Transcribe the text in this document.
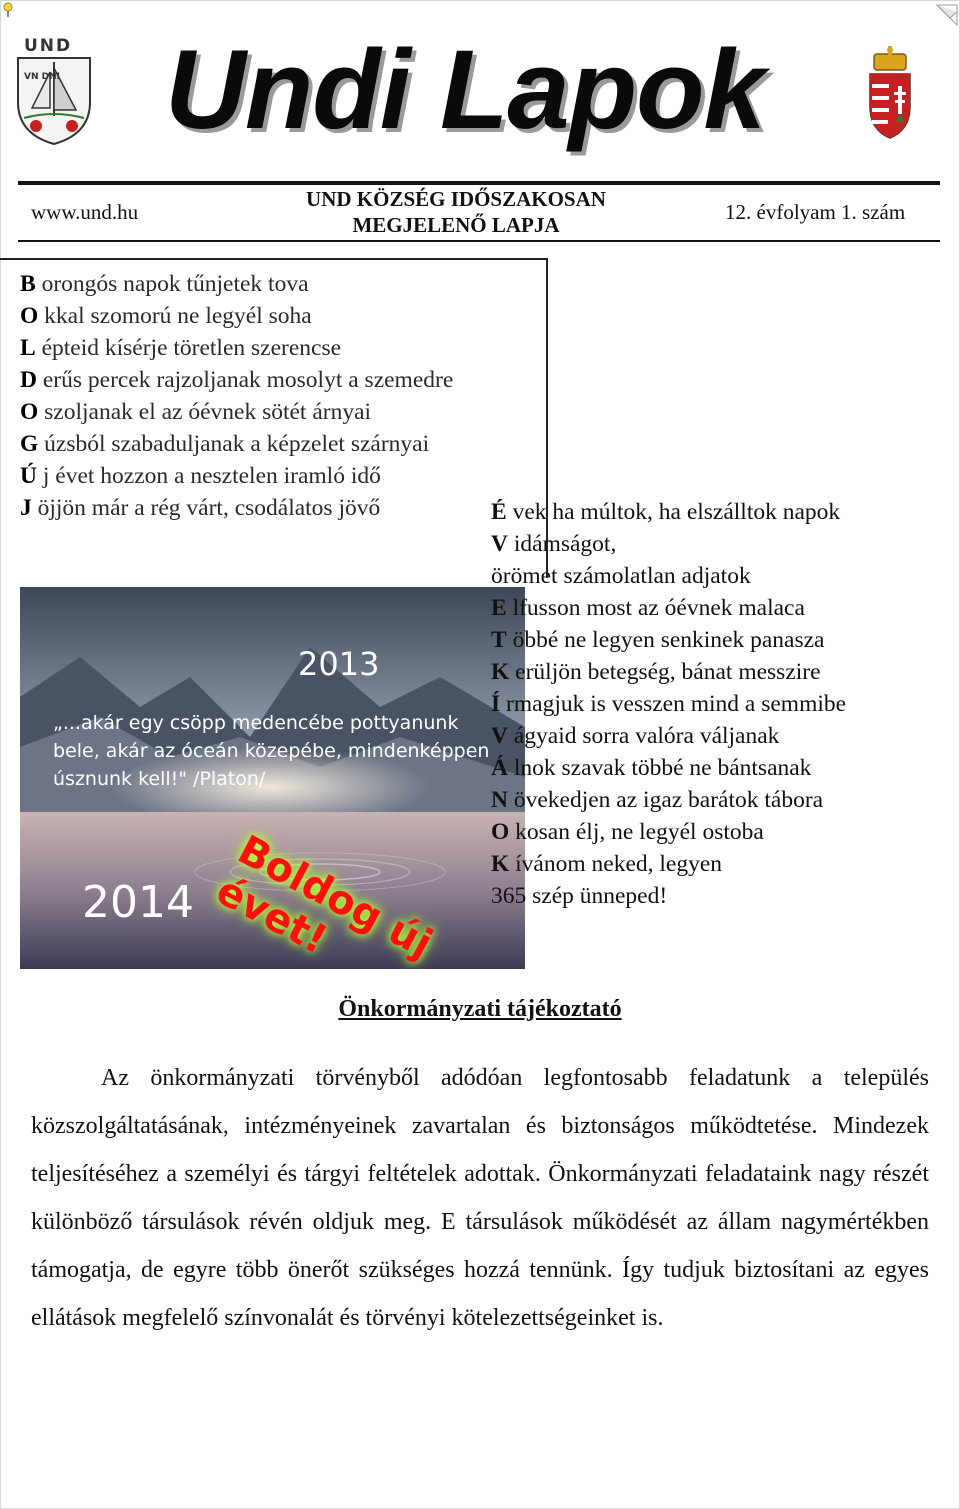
UND
VN DNI Undi Lapok
www.und.hu
UND KÖZSÉG IDŐSZAKOSAN MEGJELENŐ LAPJA
12. évfolyam 1. szám
B orongós napok tűnjetek tova
O kkal szomorú ne legyél soha
L épteid kísérje töretlen szerencse
D erűs percek rajzoljanak mosolyt a szemedre
O szoljanak el az óévnek sötét árnyai
G úzsból szabaduljanak a képzelet szárnyai
Ú j évet hozzon a nesztelen iramló idő
J öjjön már a rég várt, csodálatos jövő
2013
„...akár egy csöpp medencébe pottyanunk bele, akár az óceán közepébe, mindenképpen úsznunk kell!" /Platon/
Boldog új évet!
2014
É vek ha múltok, ha elszálltok napok
V idámságot,
örömet számolatlan adjatok
E lfusson most az óévnek malaca
T öbbé ne legyen senkinek panasza
K erüljön betegség, bánat messzire
Í rmagjuk is vesszen mind a semmibe
V ágyaid sorra valóra váljanak
Á lnok szavak többé ne bántsanak
N övekedjen az igaz barátok tábora
O kosan élj, ne legyél ostoba
K ívánom neked, legyen
365 szép ünneped!
Önkormányzati tájékoztató

Az önkormányzati törvényből adódóan legfontosabb feladatunk a település közszolgáltatásának, intézményeinek zavartalan és biztonságos működtetése. Mindezek teljesítéséhez a személyi és tárgyi feltételek adottak. Önkormányzati feladataink nagy részét különböző társulások révén oldjuk meg. E társulások működését az állam nagymértékben támogatja, de egyre több önerőt szükséges hozzá tennünk. Így tudjuk biztosítani az egyes ellátások megfelelő színvonalát és törvényi kötelezettségeinket is.
